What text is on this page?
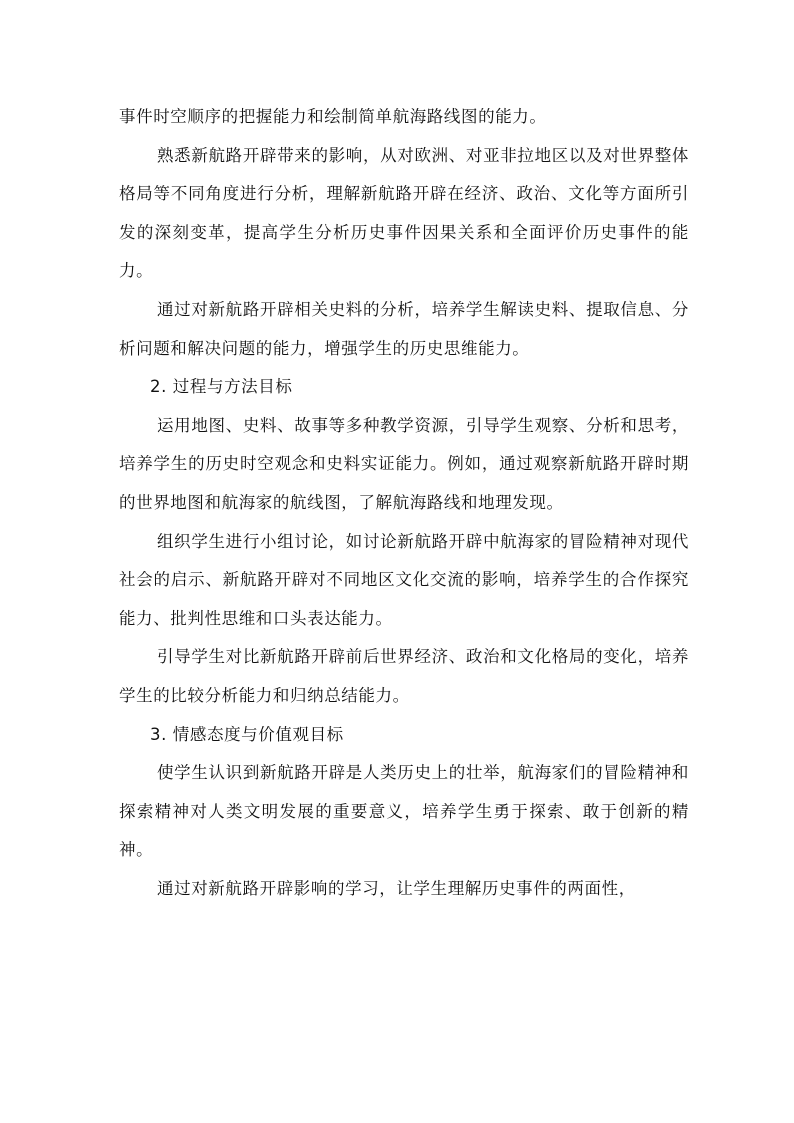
事件时空顺序的把握能力和绘制简单航海路线图的能力。

熟悉新航路开辟带来的影响，从对欧洲、对亚非拉地区以及对世界整体格局等不同角度进行分析，理解新航路开辟在经济、政治、文化等方面所引发的深刻变革，提高学生分析历史事件因果关系和全面评价历史事件的能力。

通过对新航路开辟相关史料的分析，培养学生解读史料、提取信息、分析问题和解决问题的能力，增强学生的历史思维能力。

2. 过程与方法目标

运用地图、史料、故事等多种教学资源，引导学生观察、分析和思考，培养学生的历史时空观念和史料实证能力。例如，通过观察新航路开辟时期的世界地图和航海家的航线图，了解航海路线和地理发现。

组织学生进行小组讨论，如讨论新航路开辟中航海家的冒险精神对现代社会的启示、新航路开辟对不同地区文化交流的影响，培养学生的合作探究能力、批判性思维和口头表达能力。

引导学生对比新航路开辟前后世界经济、政治和文化格局的变化，培养学生的比较分析能力和归纳总结能力。

3. 情感态度与价值观目标

使学生认识到新航路开辟是人类历史上的壮举，航海家们的冒险精神和探索精神对人类文明发展的重要意义，培养学生勇于探索、敢于创新的精神。

通过对新航路开辟影响的学习，让学生理解历史事件的两面性，
